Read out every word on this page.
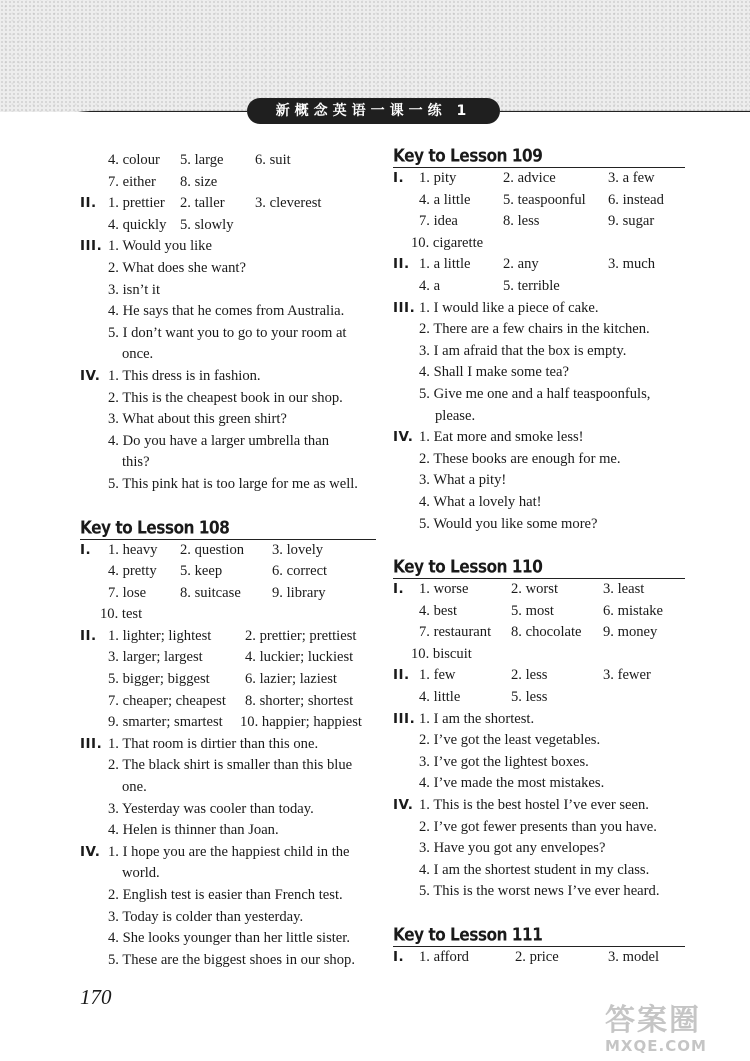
新概念英语一课一练 1
4. colour 5. large 6. suit
7. either 8. size
II. 1. prettier 2. taller 3. cleverest
4. quickly 5. slowly
III. 1. Would you like
2. What does she want?
3. isn’t it
4. He says that he comes from Australia.
5. I don’t want you to go to your room at
once.
IV. 1. This dress is in fashion.
2. This is the cheapest book in our shop.
3. What about this green shirt?
4. Do you have a larger umbrella than
this?
5. This pink hat is too large for me as well.
Key to Lesson 108
I. 1. heavy 2. question 3. lovely
4. pretty 5. keep	6. correct
7. lose 8. suitcase 9. library
10. test
II. 1. lighter; lightest 2. prettier; prettiest
3. larger; largest	4. luckier; luckiest
5. bigger; biggest 6. lazier; laziest
7. cheaper; cheapest 8. shorter; shortest
9. smarter; smartest 10. happier; happiest
III. 1. That room is dirtier than this one.
2. The black shirt is smaller than this blue
one.
3. Yesterday was cooler than today.
4. Helen is thinner than Joan.
IV. 1. I hope you are the happiest child in the
world.
2. English test is easier than French test.
3. Today is colder than yesterday.
4. She looks younger than her little sister.
5. These are the biggest shoes in our shop.
Key to Lesson 109
I. 1. pity	2. advice	3. a few
4. a little 5. teaspoonful 6. instead
7. idea	8. less	9. sugar
10. cigarette
II. 1. a little 2. any	3. much
4. a	5. terrible
III. 1. I would like a piece of cake.
2. There are a few chairs in the kitchen.
3. I am afraid that the box is empty.
4. Shall I make some tea?
5. Give me one and a half teaspoonfuls,
please.
IV. 1. Eat more and smoke less!
2. These books are enough for me.
3. What a pity!
4. What a lovely hat!
5. Would you like some more?
Key to Lesson 110
I. 1. worse	2. worst	3. least
4. best	5. most	6. mistake
7. restaurant 8. chocolate 9. money
10. biscuit
II. 1. few	2. less	3. fewer
4. little	5. less
III. 1. I am the shortest.
2. I’ve got the least vegetables.
3. I’ve got the lightest boxes.
4. I’ve made the most mistakes.
IV. 1. This is the best hostel I’ve ever seen.
2. I’ve got fewer presents than you have.
3. Have you got any envelopes?
4. I am the shortest student in my class.
5. This is the worst news I’ve ever heard.
Key to Lesson 111
I. 1. afford	2. price	3. model
170
答案圈
MXQE.COM
